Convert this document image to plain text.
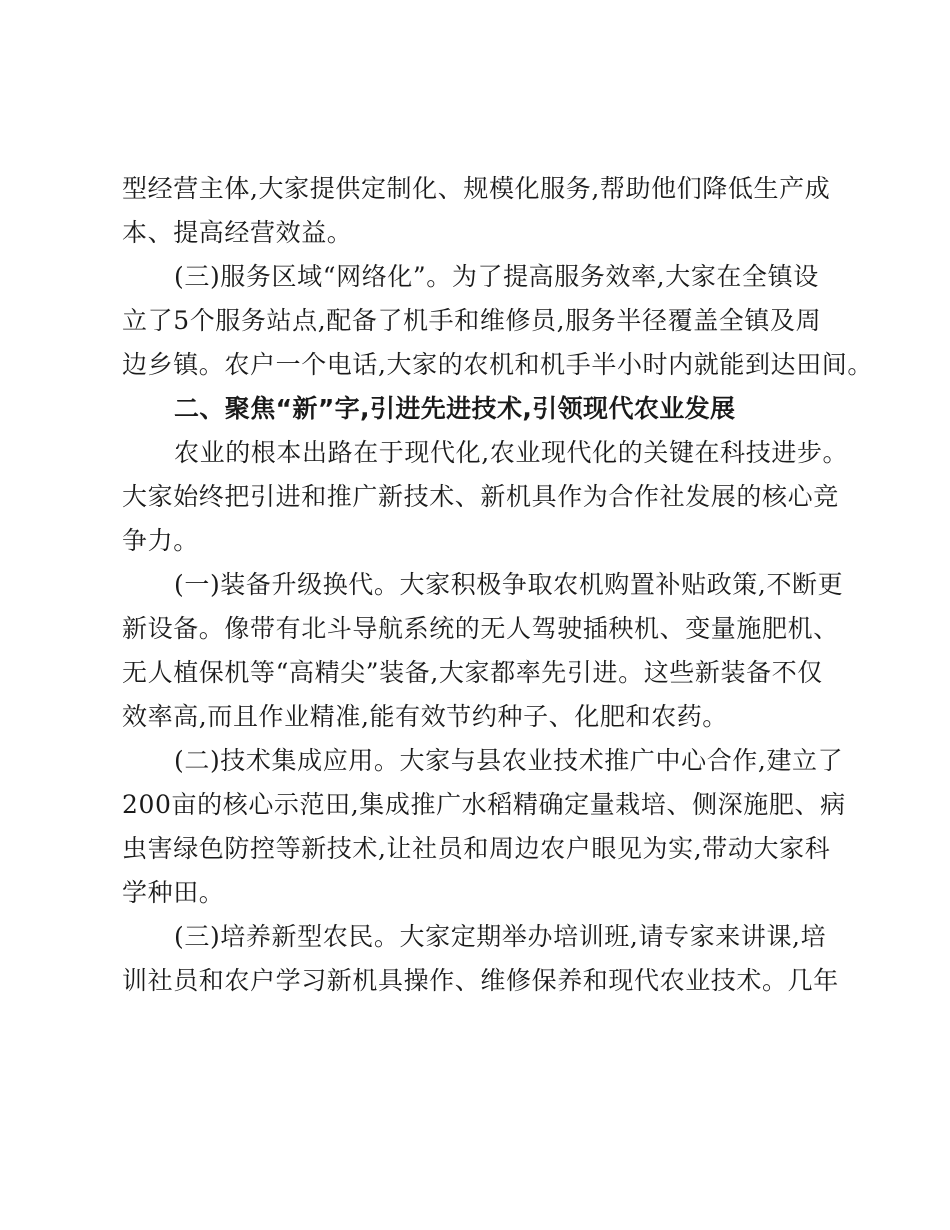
型经营主体,大家提供定制化、规模化服务,帮助他们降低生产成
本、提高经营效益。
(三)服务区域“网络化”。为了提高服务效率,大家在全镇设
立了5个服务站点,配备了机手和维修员,服务半径覆盖全镇及周
边乡镇。农户一个电话,大家的农机和机手半小时内就能到达田间。
二、聚焦“新”字,引进先进技术,引领现代农业发展
农业的根本出路在于现代化,农业现代化的关键在科技进步。
大家始终把引进和推广新技术、新机具作为合作社发展的核心竞
争力。
(一)装备升级换代。大家积极争取农机购置补贴政策,不断更
新设备。像带有北斗导航系统的无人驾驶插秧机、变量施肥机、
无人植保机等“高精尖”装备,大家都率先引进。这些新装备不仅
效率高,而且作业精准,能有效节约种子、化肥和农药。
(二)技术集成应用。大家与县农业技术推广中心合作,建立了
200亩的核心示范田,集成推广水稻精确定量栽培、侧深施肥、病
虫害绿色防控等新技术,让社员和周边农户眼见为实,带动大家科
学种田。
(三)培养新型农民。大家定期举办培训班,请专家来讲课,培
训社员和农户学习新机具操作、维修保养和现代农业技术。几年
